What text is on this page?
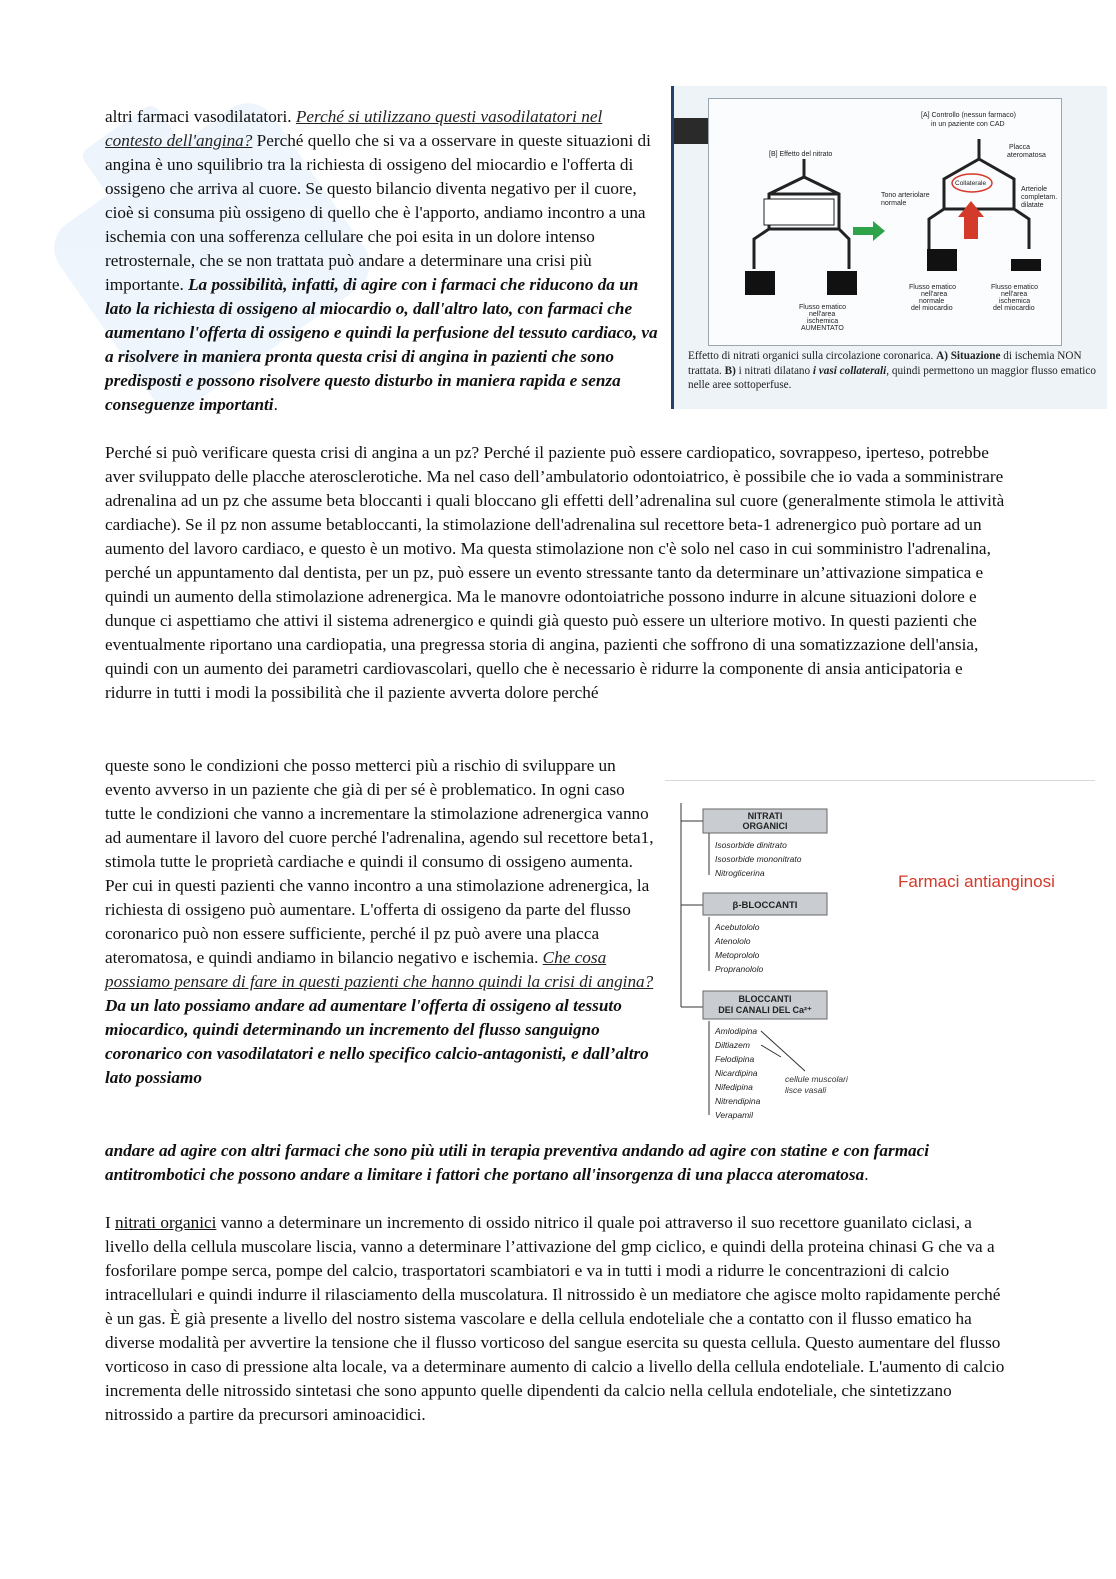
[A] Controllo (nessun farmaco)
in un paziente con CAD
[B] Effetto del nitrato
Placca
ateromatosa
Tono arteriolare
normale
Arteriole
completam.
dilatate
Collaterale
Flusso ematico
nell'area
ischemica
AUMENTATO
Flusso ematico
nell'area
normale
del miocardio
Flusso ematico
nell'area
ischemica
del miocardio
Effetto di nitrati organici sulla circolazione coronarica. A) Situazione di ischemia NON trattata. B) i nitrati dilatano i vasi collaterali, quindi permettono un maggior flusso ematico nelle aree sottoperfuse.

altri farmaci vasodilatatori. Perché si utilizzano questi vasodilatatori nel contesto dell'angina? Perché quello che si va a osservare in queste situazioni di angina è uno squilibrio tra la richiesta di ossigeno del miocardio e l'offerta di ossigeno che arriva al cuore. Se questo bilancio diventa negativo per il cuore, cioè si consuma più ossigeno di quello che è l'apporto, andiamo incontro a una ischemia con una sofferenza cellulare che poi esita in un dolore intenso retrosternale, che se non trattata può andare a determinare una crisi più importante. La possibilità, infatti, di agire con i farmaci che riducono da un lato la richiesta di ossigeno al miocardio o, dall'altro lato, con farmaci che aumentano l'offerta di ossigeno e quindi la perfusione del tessuto cardiaco, va a risolvere in maniera pronta questa crisi di angina in pazienti che sono predisposti e possono risolvere questo disturbo in maniera rapida e senza conseguenze importanti.

Perché si può verificare questa crisi di angina a un pz? Perché il paziente può essere cardiopatico, sovrappeso, iperteso, potrebbe aver sviluppato delle placche aterosclerotiche. Ma nel caso dell’ambulatorio odontoiatrico, è possibile che io vada a somministrare adrenalina ad un pz che assume beta bloccanti i quali bloccano gli effetti dell’adrenalina sul cuore (generalmente stimola le attività cardiache). Se il pz non assume betabloccanti, la stimolazione dell'adrenalina sul recettore beta-1 adrenergico può portare ad un aumento del lavoro cardiaco, e questo è un motivo. Ma questa stimolazione non c'è solo nel caso in cui somministro l'adrenalina, perché un appuntamento dal dentista, per un pz, può essere un evento stressante tanto da determinare un’attivazione simpatica e quindi un aumento della stimolazione adrenergica. Ma le manovre odontoiatriche possono indurre in alcune situazioni dolore e dunque ci aspettiamo che attivi il sistema adrenergico e quindi già questo può essere un ulteriore motivo. In questi pazienti che eventualmente riportano una cardiopatia, una pregressa storia di angina, pazienti che soffrono di una somatizzazione dell'ansia, quindi con un aumento dei parametri cardiovascolari, quello che è necessario è ridurre la componente di ansia anticipatoria e ridurre in tutti i modi la possibilità che il paziente avverta dolore perché

NITRATI
ORGANICI
Isosorbide dinitrato
Isosorbide mononitrato
Nitroglicerina
β-BLOCCANTI
Acebutololo
Atenololo
Metoprololo
Propranololo
BLOCCANTI
DEI CANALI DEL Ca²⁺
Amlodipina
Diltiazem
Felodipina
Nicardipina
Nifedipina
Nitrendipina
Verapamil
cellule muscolari
lisce vasali
Farmaci antianginosi

queste sono le condizioni che posso metterci più a rischio di sviluppare un evento avverso in un paziente che già di per sé è problematico. In ogni caso tutte le condizioni che vanno a incrementare la stimolazione adrenergica vanno ad aumentare il lavoro del cuore perché l'adrenalina, agendo sul recettore beta1, stimola tutte le proprietà cardiache e quindi il consumo di ossigeno aumenta. Per cui in questi pazienti che vanno incontro a una stimolazione adrenergica, la richiesta di ossigeno può aumentare. L'offerta di ossigeno da parte del flusso coronarico può non essere sufficiente, perché il pz può avere una placca ateromatosa, e quindi andiamo in bilancio negativo e ischemia. Che cosa possiamo pensare di fare in questi pazienti che hanno quindi la crisi di angina? Da un lato possiamo andare ad aumentare l'offerta di ossigeno al tessuto miocardico, quindi determinando un incremento del flusso sanguigno coronarico con vasodilatatori e nello specifico calcio-antagonisti, e dall’altro lato possiamo

andare ad agire con altri farmaci che sono più utili in terapia preventiva andando ad agire con statine e con farmaci antitrombotici che possono andare a limitare i fattori che portano all'insorgenza di una placca ateromatosa.

I nitrati organici vanno a determinare un incremento di ossido nitrico il quale poi attraverso il suo recettore guanilato ciclasi, a livello della cellula muscolare liscia, vanno a determinare l’attivazione del gmp ciclico, e quindi della proteina chinasi G che va a fosforilare pompe serca, pompe del calcio, trasportatori scambiatori e va in tutti i modi a ridurre le concentrazioni di calcio intracellulari e quindi indurre il rilasciamento della muscolatura. Il nitrossido è un mediatore che agisce molto rapidamente perché è un gas. È già presente a livello del nostro sistema vascolare e della cellula endoteliale che a contatto con il flusso ematico ha diverse modalità per avvertire la tensione che il flusso vorticoso del sangue esercita su questa cellula. Questo aumentare del flusso vorticoso in caso di pressione alta locale, va a determinare aumento di calcio a livello della cellula endoteliale. L'aumento di calcio incrementa delle nitrossido sintetasi che sono appunto quelle dipendenti da calcio nella cellula endoteliale, che sintetizzano nitrossido a partire da precursori aminoacidici.
